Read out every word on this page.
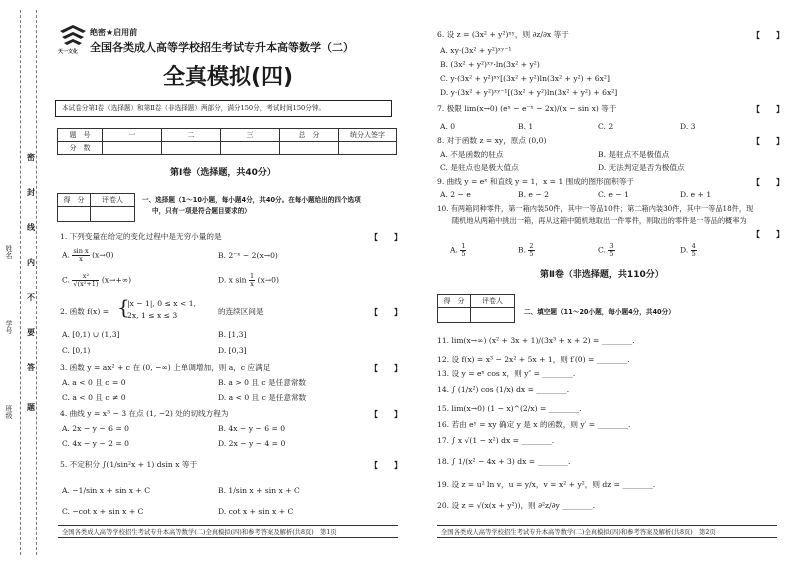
密
封
线
内
不
要
答
题
姓名
学号
班级
天一文化
绝密★启用前
全国各类成人高等学校招生考试专升本高等数学（二）
全真模拟(四)
本试卷分第Ⅰ卷（选择题）和第Ⅱ卷（非选择题）两部分，满分150分，考试时间150分钟。
题　号	一	二	三	总　分	统分人签字
分　数					
第Ⅰ卷（选择题，共40分）
得　分	评卷人
		一、选择题（1～10小题，每小题4分，共40分。在每小题给出的四个选项
中，只有一项是符合题目要求的）
1. 下列变量在给定的变化过程中是无穷小量的是	【　　】
A. $\frac{\text{sin x}}{x} (x\to 0)$	B. 2⁻ˣ − 2(x→0)
C. $\frac{\text{x²}}{\text{√(x²+1)}} (x\to+\infty)$	D. x $\sin \frac{1}{x} (x\to 0)$
2. 函数 f(x) = {
|x − 1|, 0 ≤ x < 1,
2x, 1 ≤ x ≤ 3	的连续区间是	【　　】
A. [0,1) ∪ (1,3]	B. [1,3]
C. [0,1)	D. [0,3]
3. 函数 y = ax² + c 在 (0, −∞) 上单调增加，则 a，c 应满足	【　　】
A. a < 0 且 c = 0	B. a > 0 且 c 是任意常数
C. a < 0 且 c ≠ 0	D. a < 0 且 c 是任意常数
4. 曲线 y = x³ − 3 在点 (1, −2) 处的切线方程为	【　　】
A. 2x − y − 6 = 0	B. 4x − y − 6 = 0
C. 4x − y − 2 = 0	D. 2x − y − 4 = 0
5. 不定积分 ∫(1/sin²x + 1) dsin x 等于	【　　】
A. −1/sin x + sin x + C	B. 1/sin x + sin x + C
C. −cot x + sin x + C	D. cot x + sin x + C
全国各类成人高等学校招生考试专升本高等数学(二)全真模拟(四)和参考答案及解析(共8页)　第1页
6. 设 z = (3x² + y²)ˣʸ，则 ∂z/∂x 等于	【　　】
A. xy·(3x² + y²)ˣʸ⁻¹
B. (3x² + y²)ˣʸ·ln(3x² + y²)
C. y·(3x² + y²)ˣʸ[(3x² + y²)ln(3x² + y²) + 6x²]
D. y·(3x² + y²)ˣʸ⁻¹[(3x² + y²)ln(3x² + y²) + 6x²]
7. 极限 lim(x→0) (eˣ − e⁻ˣ − 2x)/(x − sin x) 等于	【　　】
A. 0	B. 1	C. 2	D. 3
8. 对于函数 z = xy，原点 (0,0)	【　　】
A. 不是函数的驻点	B. 是驻点不是极值点
C. 是驻点也是极大值点	D. 无法判定是否为极值点
9. 曲线 y = eˣ 和直线 y = 1，x = 1 围成的图形面积等于	【　　】
A. 2 − e	B. e − 2	C. e − 1	D. e + 1
10. 有两箱同种零件，第一箱内装50件，其中一等品10件；第二箱内装30件，其中一等品18件，现
随机地从两箱中挑出一箱，再从这箱中随机地取出一件零件，则取出的零件是一等品的概率为
【　　】
A. $\frac{1}{5}$	B. $\frac{2}{5}$	C. $\frac{3}{5}$	D. $\frac{4}{5}$
第Ⅱ卷（非选择题，共110分）
得　分	评卷人

二、填空题（11～20小题，每小题4分，共40分）
11. lim(x→∞) (x² + 3x + 1)/(3x³ + x + 2) = ________.
12. 设 f(x) = x³ − 2x² + 5x + 1，则 f′(0) = ________.
13. 设 y = eˣ cos x，则 y″ = ________.
14. ∫ (1/x²) cos (1/x) dx = ________.
15. lim(x→0) (1 − x)^(2/x) = ________.
16. 若由 eʸ = xy 确定 y 是 x 的函数，则 y′ = ________.
17. ∫ x √(1 − x²) dx = ________.
18. ∫ 1/(x² − 4x + 3) dx = ________.
19. 设 z = u² ln v，u = y/x，v = x² + y²，则 dz = ________.
20. 设 z = √(x(x + y²))，则 ∂²z/∂y ________.
全国各类成人高等学校招生考试专升本高等数学(二)全真模拟(四)和参考答案及解析(共8页)　第2页
